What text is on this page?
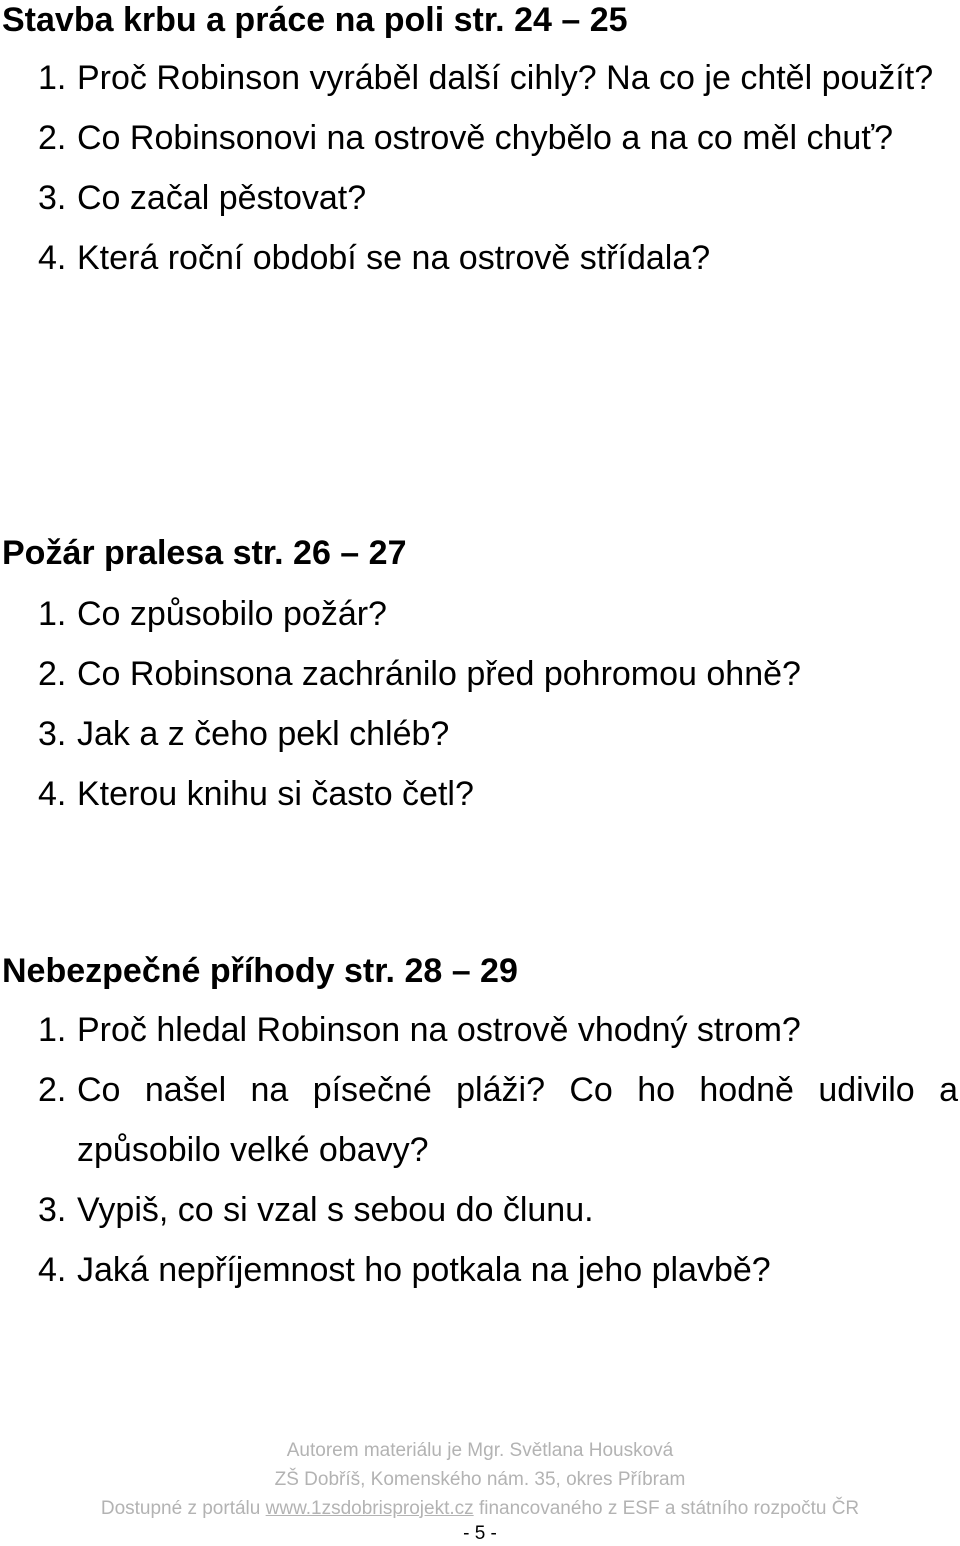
Stavba krbu a práce na poli str. 24 – 25
1. Proč Robinson vyráběl další cihly? Na co je chtěl použít?
2. Co Robinsonovi na ostrově chybělo a na co měl chuť?
3. Co začal pěstovat?
4. Která roční období se na ostrově střídala?
Požár pralesa str. 26 – 27
1. Co způsobilo požár?
2. Co Robinsona zachránilo před pohromou ohně?
3. Jak a z čeho pekl chléb?
4. Kterou knihu si často četl?
Nebezpečné příhody str. 28 – 29
1. Proč hledal Robinson na ostrově vhodný strom?
2. Co našel na písečné pláži? Co ho hodně udivilo a způsobilo velké obavy?
3. Vypiš, co si vzal s sebou do člunu.
4. Jaká nepříjemnost ho potkala na jeho plavbě?
Autorem materiálu je Mgr. Světlana Housková
ZŠ Dobříš, Komenského nám. 35, okres Příbram
Dostupné z portálu www.1zsdobrisprojekt.cz financovaného z ESF a státního rozpočtu ČR
- 5 -
